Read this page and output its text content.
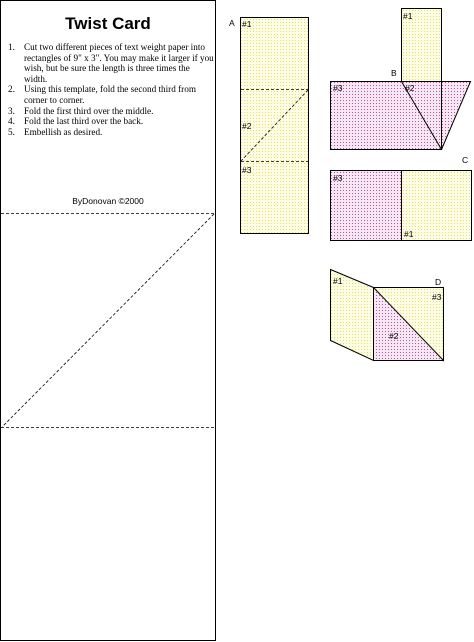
A #1
#2
#3
B
#1
#3	#2
C
#3
#1
D
#1
#3
#2
Twist Card
1. Cut two different pieces of text weight paper into rectangles of 9" x 3". You may make it larger if you wish, but be sure the length is three times the width.
2. Using this template, fold the second third from corner to corner.
3. Fold the first third over the middle.
4. Fold the last third over the back.
5. Embellish as desired.
ByDonovan ©2000
